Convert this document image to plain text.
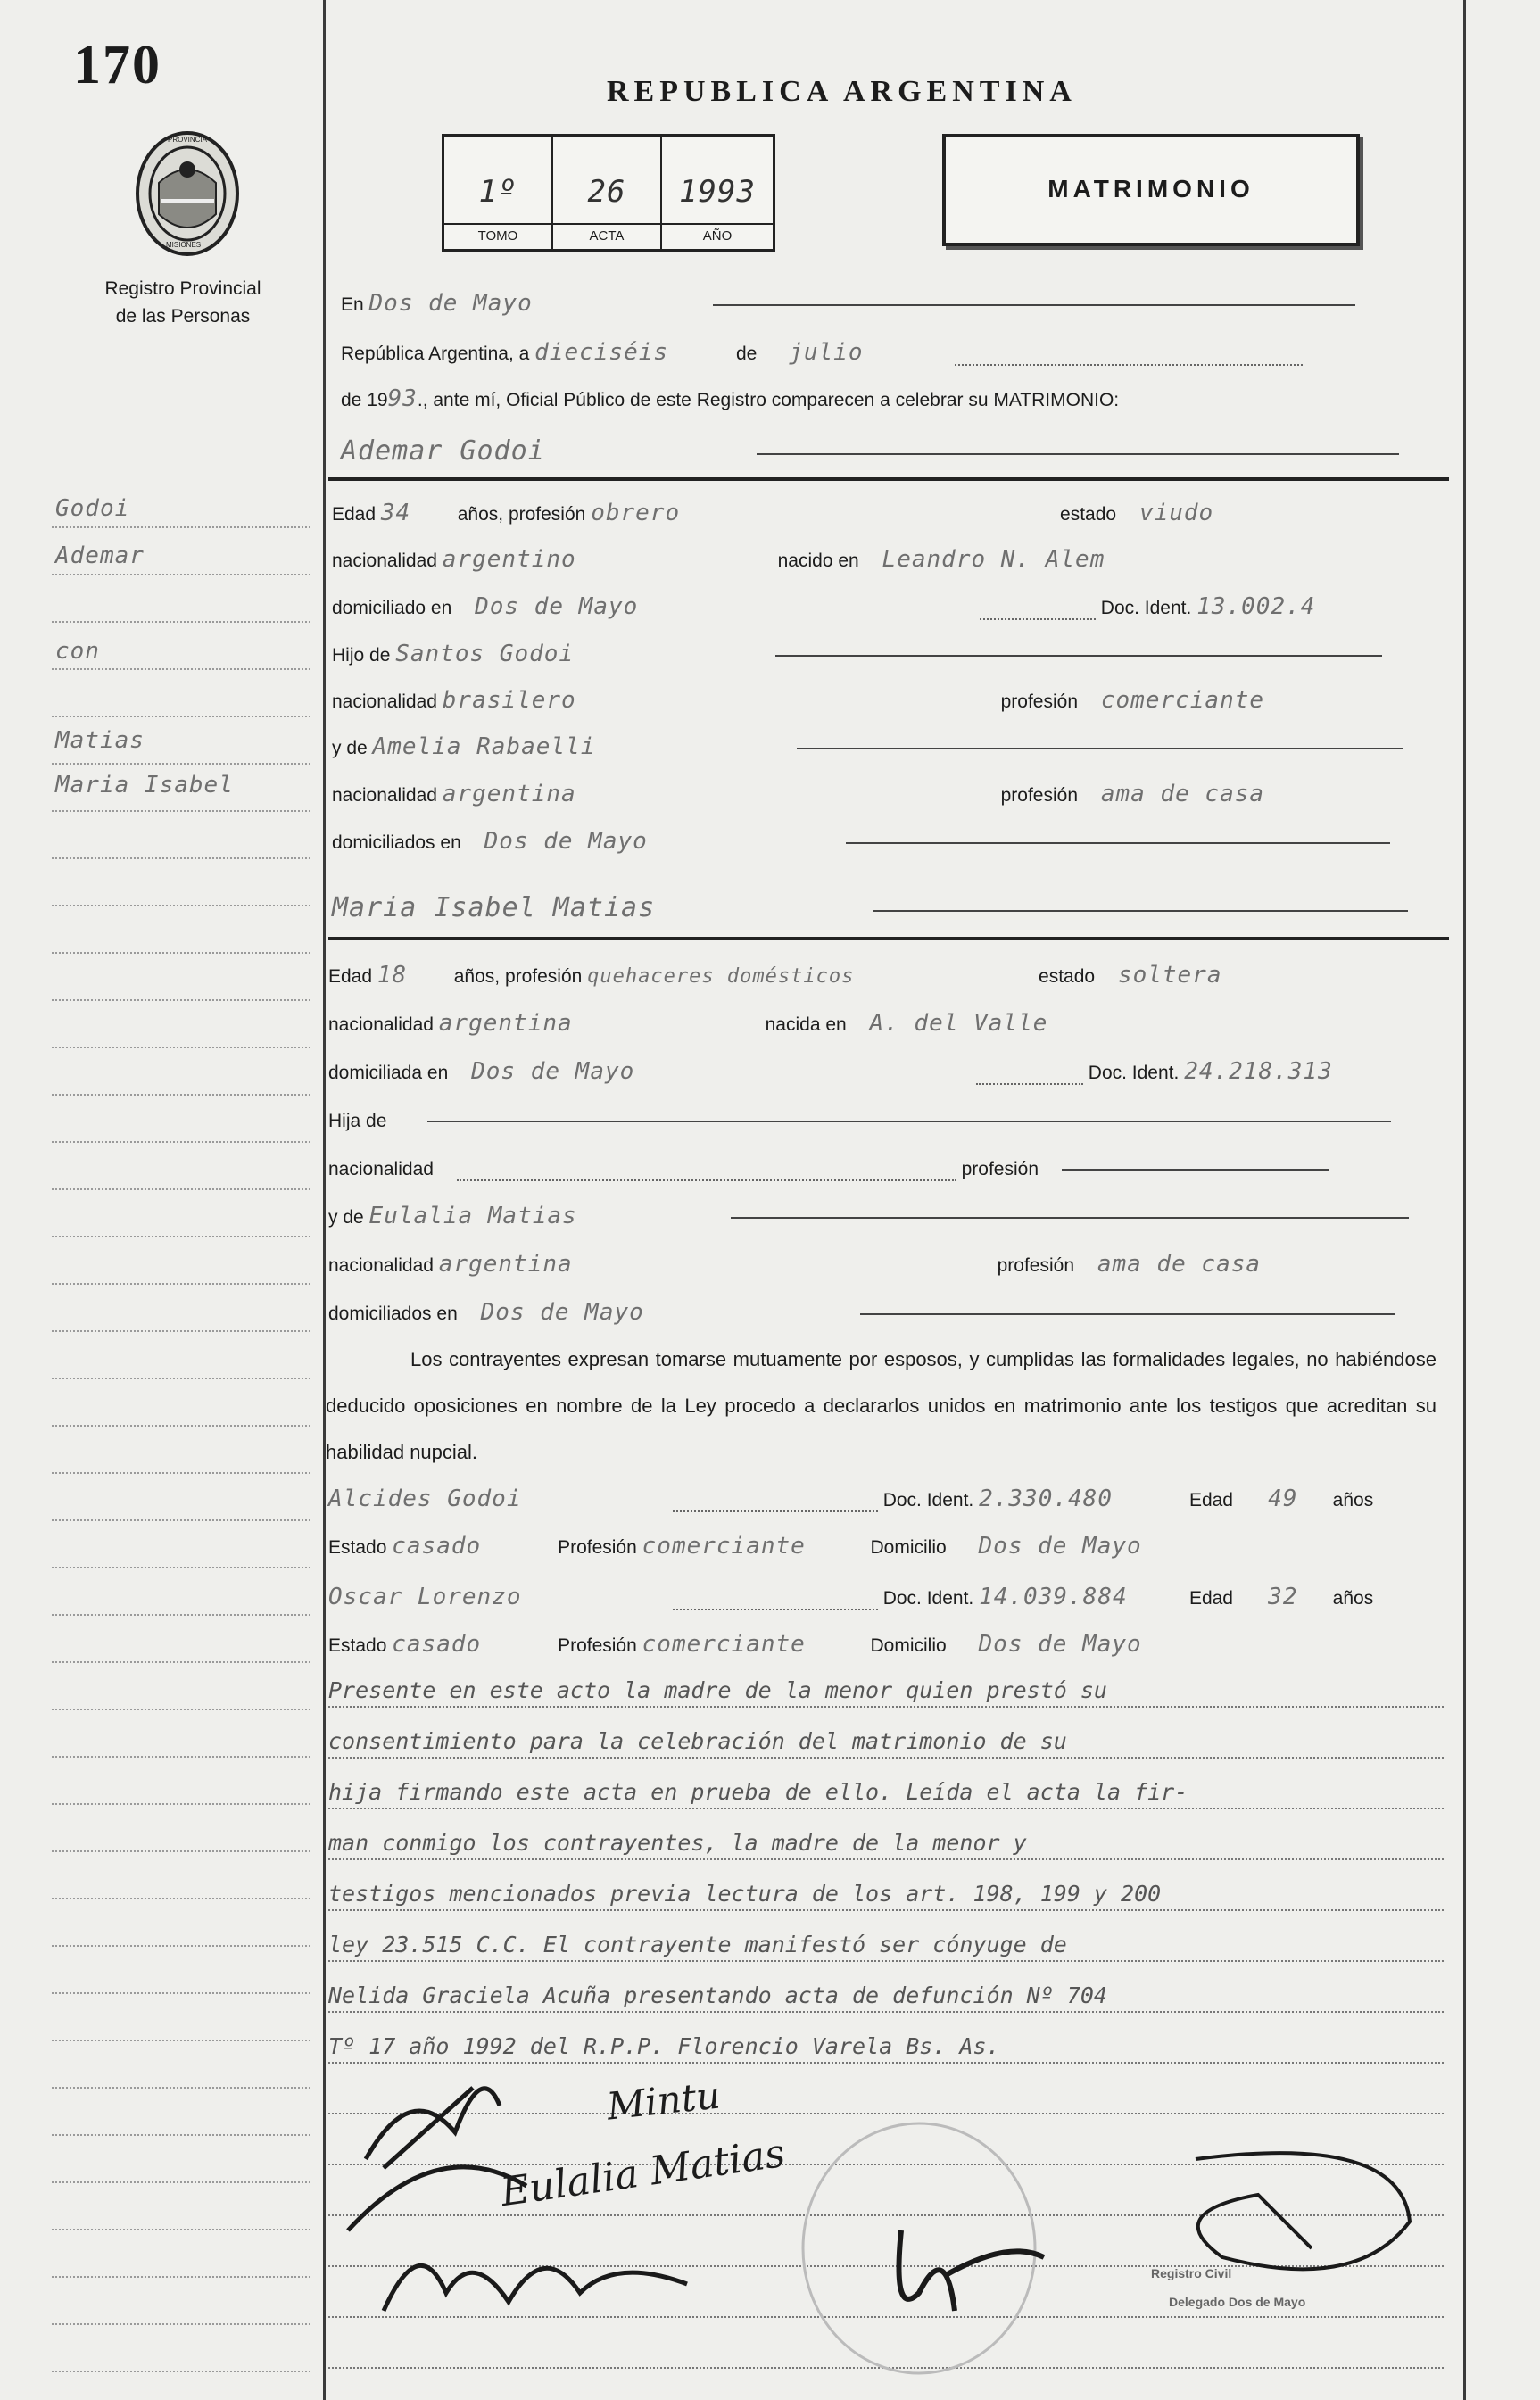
170
PROVINCIA
MISIONES
Registro Provincial
de las Personas
Godoi
Ademar
con
Matias
Maria Isabel
REPUBLICA ARGENTINA
1º
TOMO
26
ACTA
1993
AÑO
MATRIMONIO
En Dos de Mayo
República Argentina, a dieciséis	de julio
de 1993., ante mí, Oficial Público de este Registro comparecen a celebrar su MATRIMONIO:
Ademar Godoi
Edad 34	años, profesión obrero	estado viudo
nacionalidad argentino	nacido en Leandro N. Alem
domiciliado en Dos de Mayo	Doc. Ident. 13.002.4
Hijo de Santos Godoi
nacionalidad brasilero	profesión comerciante
y de Amelia Rabaelli
nacionalidad argentina	profesión ama de casa
domiciliados en Dos de Mayo
Maria Isabel Matias
Edad 18	años, profesión quehaceres domésticos	estado soltera
nacionalidad argentina	nacida en A. del Valle
domiciliada en Dos de Mayo	Doc. Ident. 24.218.313
Hija de
nacionalidad	profesión
y de Eulalia Matias
nacionalidad argentina	profesión ama de casa
domiciliados en Dos de Mayo
Los contrayentes expresan tomarse mutuamente por esposos, y cumplidas las formalidades legales, no habiéndose deducido oposiciones en nombre de la Ley procedo a declararlos unidos en matrimonio ante los testigos que acreditan su habilidad nupcial.
Alcides Godoi	Doc. Ident. 2.330.480	Edad 49 años
Estado casado	Profesión comerciante	Domicilio Dos de Mayo
Oscar Lorenzo	Doc. Ident. 14.039.884	Edad 32 años
Estado casado	Profesión comerciante	Domicilio Dos de Mayo
Presente en este acto la madre de la menor quien prestó su
consentimiento para la celebración del matrimonio de su
hija firmando este acta en prueba de ello. Leída el acta la fir-
man conmigo los contrayentes, la madre de la menor y
testigos mencionados previa lectura de los art. 198, 199 y 200
ley 23.515 C.C. El contrayente manifestó ser cónyuge de
Nelida Graciela Acuña presentando acta de defunción Nº 704
Tº 17 año 1992 del R.P.P. Florencio Varela Bs. As.
Mintu
Eulalia Matias
Registro Civil
Delegado Dos de Mayo
